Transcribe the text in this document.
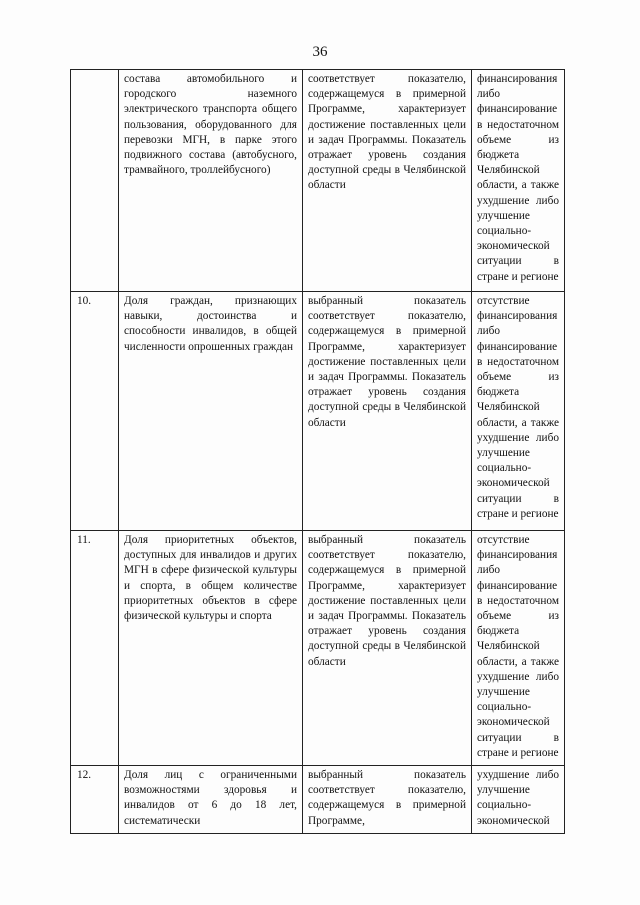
36
	состава автомобильного и городского наземного электрического транспорта общего пользования, оборудованного для перевозки МГН, в парке этого подвижного состава (автобусного, трамвайного, троллейбусного)	соответствует показателю, содержащемуся в примерной Программе, характеризует достижение поставленных цели и задач Программы. Показатель отражает уровень создания доступной среды в Челябинской области	финансирования либо финансирование в недостаточном объеме из бюджета Челябинской области, а также ухудшение либо улучшение социально-экономической ситуации в стране и регионе
10.	Доля граждан, признающих навыки, достоинства и способности инвалидов, в общей численности опрошенных граждан	выбранный показатель соответствует показателю, содержащемуся в примерной Программе, характеризует достижение поставленных цели и задач Программы. Показатель отражает уровень создания доступной среды в Челябинской области	отсутствие финансирования либо финансирование в недостаточном объеме из бюджета Челябинской области, а также ухудшение либо улучшение социально-экономической ситуации в стране и регионе
11.	Доля приоритетных объектов, доступных для инвалидов и других МГН в сфере физической культуры и спорта, в общем количестве приоритетных объектов в сфере физической культуры и спорта	выбранный показатель соответствует показателю, содержащемуся в примерной Программе, характеризует достижение поставленных цели и задач Программы. Показатель отражает уровень создания доступной среды в Челябинской области	отсутствие финансирования либо финансирование в недостаточном объеме из бюджета Челябинской области, а также ухудшение либо улучшение социально-экономической ситуации в стране и регионе
12.	Доля лиц с ограниченными возможностями здоровья и инвалидов от 6 до 18 лет, систематически	выбранный показатель соответствует показателю, содержащемуся в примерной Программе,	ухудшение либо улучшение социально-экономической
